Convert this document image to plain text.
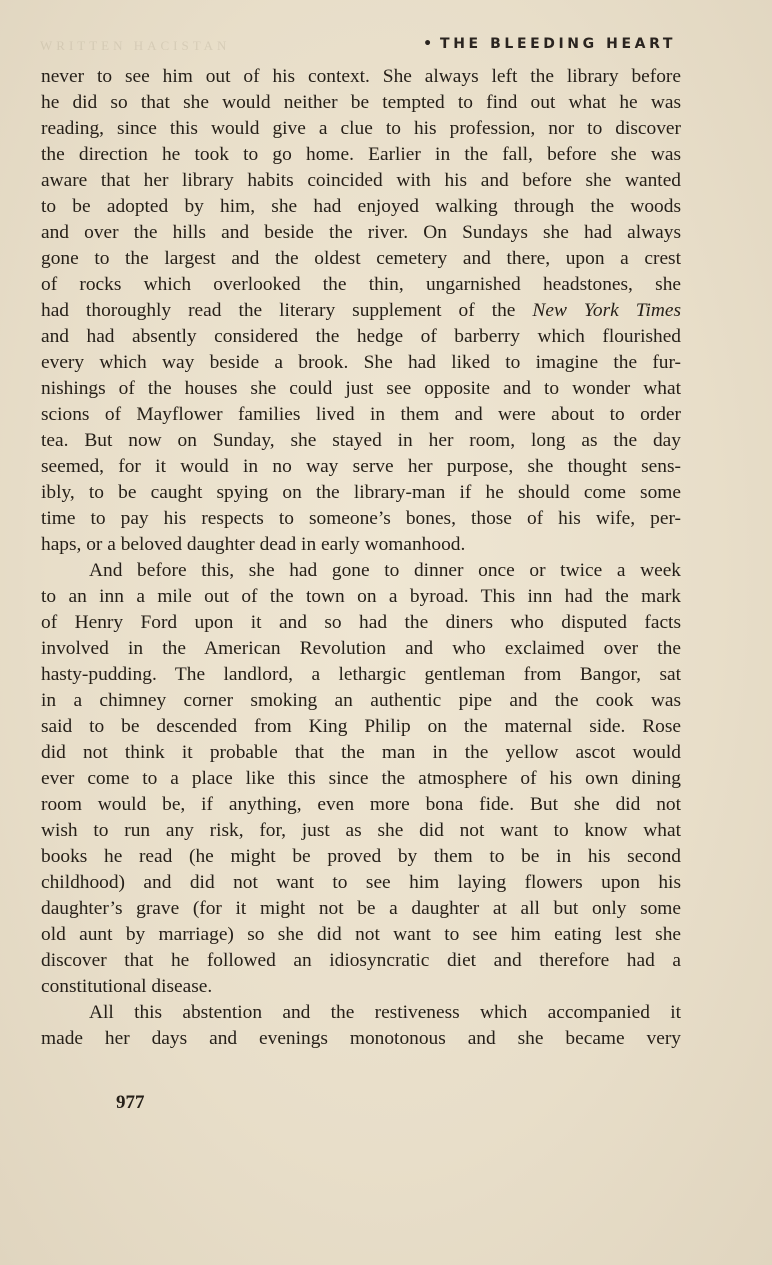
WRITTEN HACISTAN	• THE BLEEDING HEART

never to see him out of his context. She always left the library before
he did so that she would neither be tempted to find out what he was
reading, since this would give a clue to his profession, nor to discover
the direction he took to go home. Earlier in the fall, before she was
aware that her library habits coincided with his and before she wanted
to be adopted by him, she had enjoyed walking through the woods
and over the hills and beside the river. On Sundays she had always
gone to the largest and the oldest cemetery and there, upon a crest
of rocks which overlooked the thin, ungarnished headstones, she
had thoroughly read the literary supplement of the New York Times
and had absently considered the hedge of barberry which flourished
every which way beside a brook. She had liked to imagine the fur-
nishings of the houses she could just see opposite and to wonder what
scions of Mayflower families lived in them and were about to order
tea. But now on Sunday, she stayed in her room, long as the day
seemed, for it would in no way serve her purpose, she thought sens-
ibly, to be caught spying on the library-man if he should come some
time to pay his respects to someone’s bones, those of his wife, per-
haps, or a beloved daughter dead in early womanhood.

And before this, she had gone to dinner once or twice a week
to an inn a mile out of the town on a byroad. This inn had the mark
of Henry Ford upon it and so had the diners who disputed facts
involved in the American Revolution and who exclaimed over the
hasty-pudding. The landlord, a lethargic gentleman from Bangor, sat
in a chimney corner smoking an authentic pipe and the cook was
said to be descended from King Philip on the maternal side. Rose
did not think it probable that the man in the yellow ascot would
ever come to a place like this since the atmosphere of his own dining
room would be, if anything, even more bona fide. But she did not
wish to run any risk, for, just as she did not want to know what
books he read (he might be proved by them to be in his second
childhood) and did not want to see him laying flowers upon his
daughter’s grave (for it might not be a daughter at all but only some
old aunt by marriage) so she did not want to see him eating lest she
discover that he followed an idiosyncratic diet and therefore had a
constitutional disease.

All this abstention and the restiveness which accompanied it
made her days and evenings monotonous and she became very

977
